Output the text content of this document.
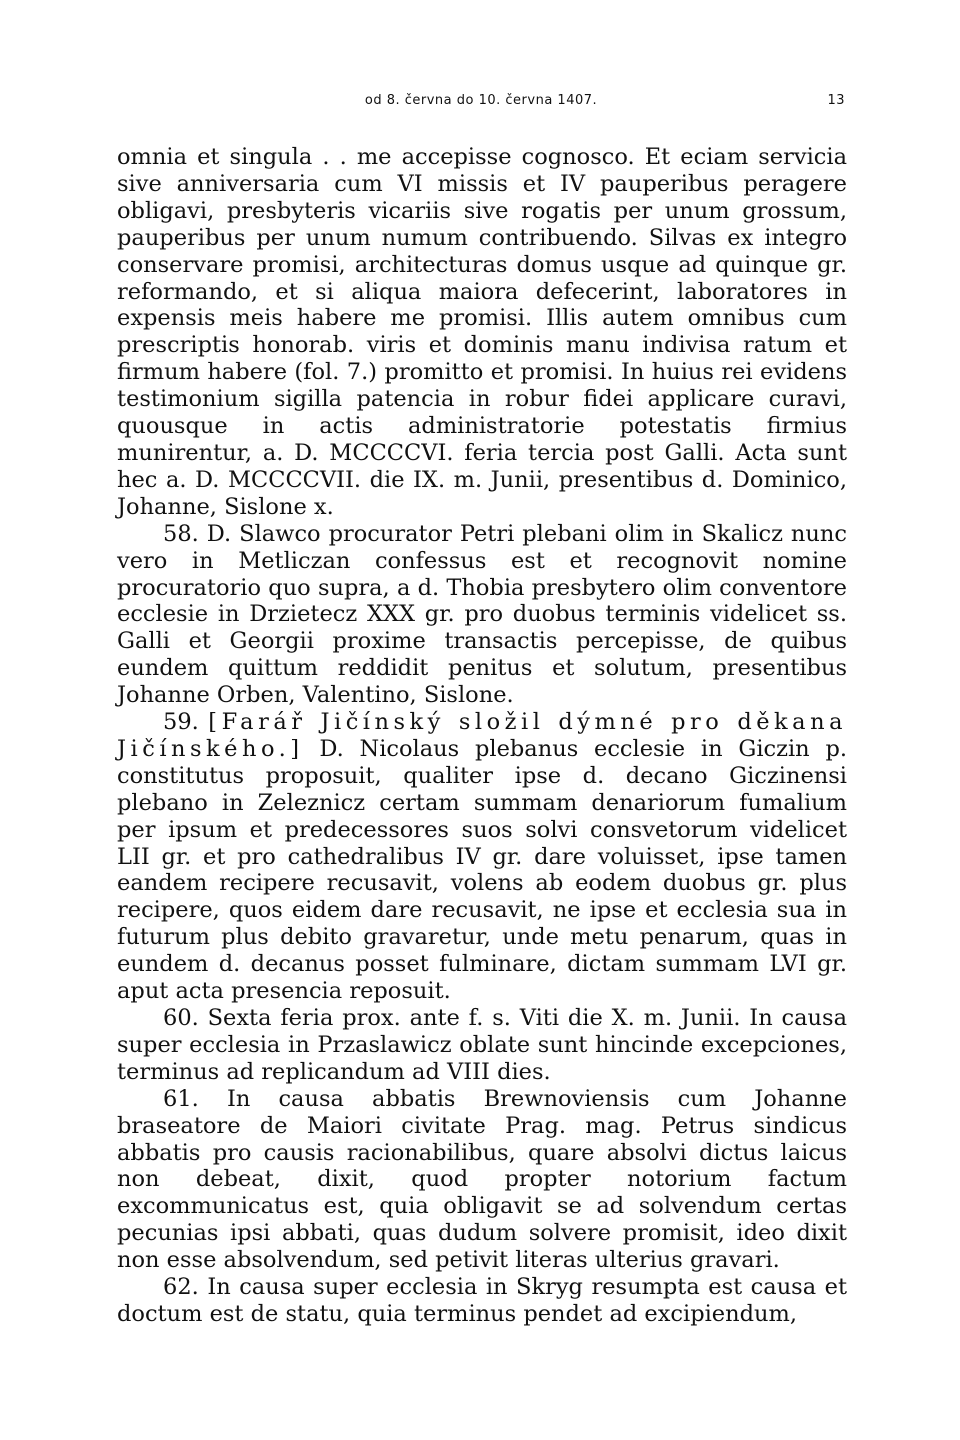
od 8. června do 10. června 1407.	13

omnia et singula . . me accepisse cognosco. Et eciam servicia sive anniversaria cum VI missis et IV pauperibus peragere obligavi, presbyteris vicariis sive rogatis per unum grossum, pauperibus per unum numum contribuendo. Silvas ex integro conservare promisi, architecturas domus usque ad quinque gr. reformando, et si aliqua maiora defecerint, laboratores in expensis meis habere me promisi. Illis autem omnibus cum prescriptis honorab. viris et dominis manu indivisa ratum et firmum habere (fol. 7.) promitto et promisi. In huius rei evidens testimonium sigilla patencia in robur fidei applicare curavi, quousque in actis administratorie potestatis firmius munirentur, a. D. MCCCCVI. feria tercia post Galli. Acta sunt hec a. D. MCCCCVII. die IX. m. Junii, presentibus d. Dominico, Johanne, Sislone x.

58. D. Slawco procurator Petri plebani olim in Skalicz nunc vero in Metliczan confessus est et recognovit nomine procuratorio quo supra, a d. Thobia presbytero olim conventore ecclesie in Drzietecz XXX gr. pro duobus terminis videlicet ss. Galli et Georgii proxime transactis percepisse, de quibus eundem quittum reddidit penitus et solutum, presentibus Johanne Orben, Valentino, Sislone.

59. [Farář Jičínský složil dýmné pro děkana Jičínského.] D. Nicolaus plebanus ecclesie in Giczin p. constitutus proposuit, qualiter ipse d. decano Giczinensi plebano in Zeleznicz certam summam denariorum fumalium per ipsum et predecessores suos solvi consvetorum videlicet LII gr. et pro cathedralibus IV gr. dare voluisset, ipse tamen eandem recipere recusavit, volens ab eodem duobus gr. plus recipere, quos eidem dare recusavit, ne ipse et ecclesia sua in futurum plus debito gravaretur, unde metu penarum, quas in eundem d. decanus posset fulminare, dictam summam LVI gr. aput acta presencia reposuit.

60. Sexta feria prox. ante f. s. Viti die X. m. Junii. In causa super ecclesia in Przaslawicz oblate sunt hincinde excepciones, terminus ad replicandum ad VIII dies.

61. In causa abbatis Brewnoviensis cum Johanne braseatore de Maiori civitate Prag. mag. Petrus sindicus abbatis pro causis racionabilibus, quare absolvi dictus laicus non debeat, dixit, quod propter notorium factum excommunicatus est, quia obligavit se ad solvendum certas pecunias ipsi abbati, quas dudum solvere promisit, ideo dixit non esse absolvendum, sed petivit literas ulterius gravari.

62. In causa super ecclesia in Skryg resumpta est causa et doctum est de statu, quia terminus pendet ad excipiendum,
